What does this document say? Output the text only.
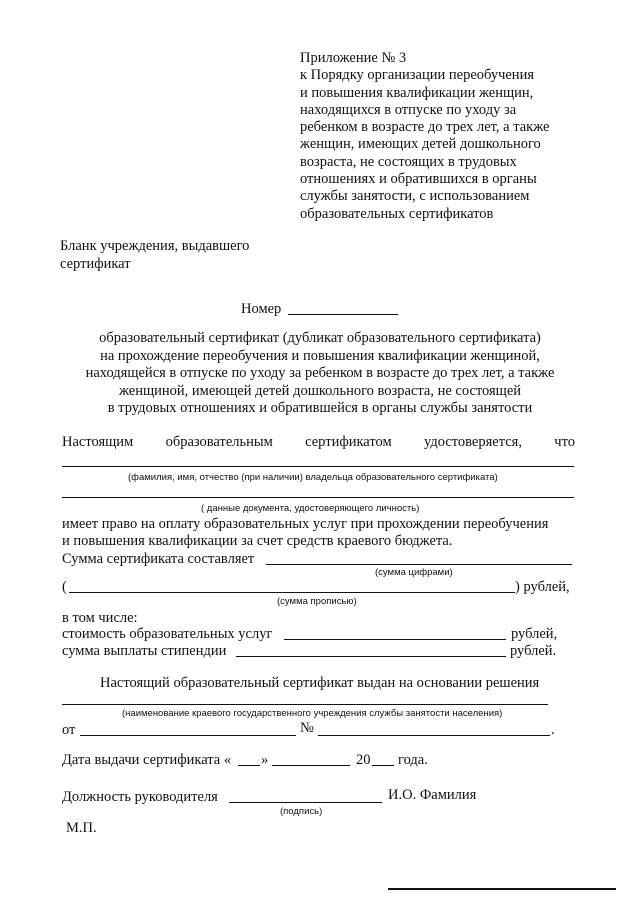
Приложение № 3
к Порядку организации переобучения
и повышения квалификации женщин,
находящихся в отпуске по уходу за
ребенком в возрасте до трех лет, а также
женщин, имеющих детей дошкольного
возраста, не состоящих в трудовых
отношениях и обратившихся в органы
службы занятости, с использованием
образовательных сертификатов
Бланк учреждения, выдавшего
сертификат
Номер
образовательный сертификат (дубликат образовательного сертификата)
на прохождение переобучения и повышения квалификации женщиной,
находящейся в отпуске по уходу за ребенком в возрасте до трех лет, а также
женщиной, имеющей детей дошкольного возраста, не состоящей
в трудовых отношениях и обратившейся в органы службы занятости
Настоящим образовательным сертификатом удостоверяется, что
(фамилия, имя, отчество (при наличии) владельца образовательного сертификата)
( данные документа, удостоверяющего личность)
имеет право на оплату образовательных услуг при прохождении переобучения
и повышения квалификации за счет средств краевого бюджета.
Сумма сертификата составляет
(сумма цифрами)
(	) рублей,
(сумма прописью)
в том числе:
стоимость образовательных услуг	рублей,
сумма выплаты стипендии	рублей.
Настоящий образовательный сертификат выдан на основании решения
(наименование краевого государственного учреждения службы занятости населения)
от	№	.
Дата выдачи сертификата « »	20 года.
Должность руководителя	И.О. Фамилия
(подпись)
М.П.
